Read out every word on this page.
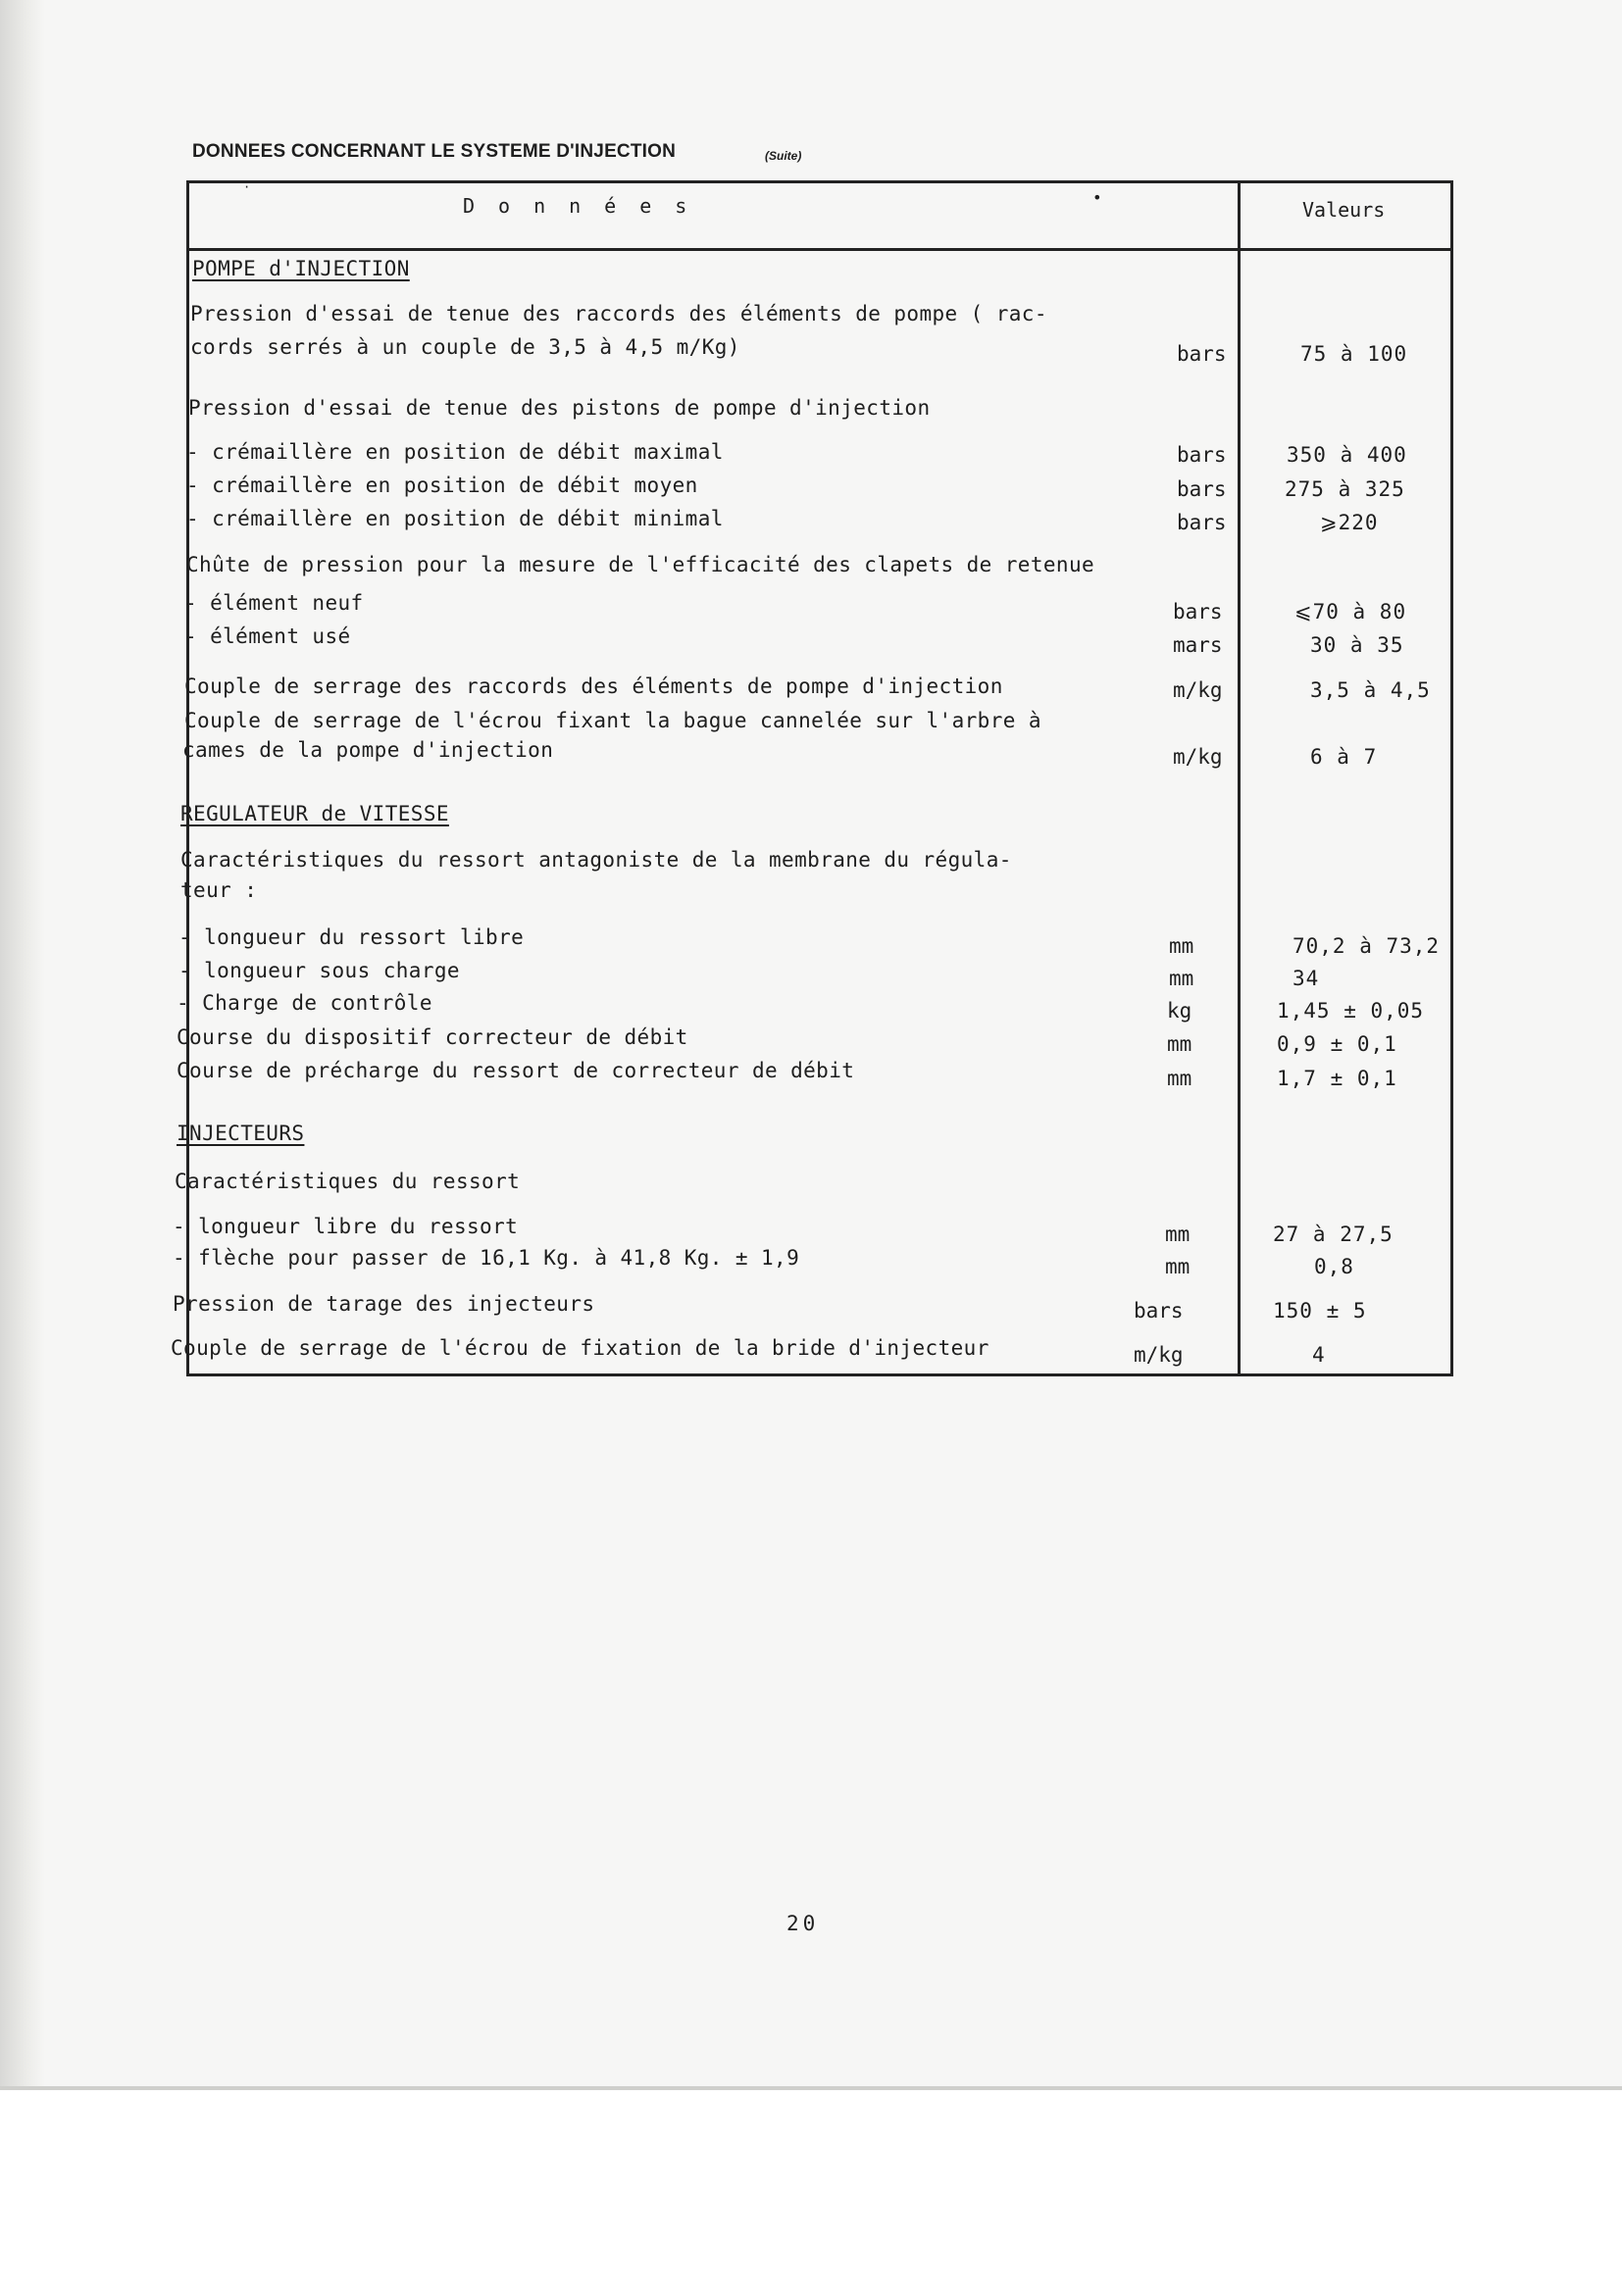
DONNEES CONCERNANT LE SYSTEME D'INJECTION	(Suite)
·
•
Données	Valeurs
POMPE d'INJECTION
Pression d'essai de tenue des raccords des éléments de pompe ( rac-
cords serrés à un couple de 3,5 à 4,5 m/Kg)	bars	75 à 100
Pression d'essai de tenue des pistons de pompe d'injection
- crémaillère en position de débit maximal	bars	350 à 400
- crémaillère en position de débit moyen	bars	275 à 325
- crémaillère en position de débit minimal	bars	⩾220
Chûte de pression pour la mesure de l'efficacité des clapets de retenue
- élément neuf	bars	⩽70 à 80
- élément usé	mars	30 à 35
Couple de serrage des raccords des éléments de pompe d'injection	m/kg	3,5 à 4,5
Couple de serrage de l'écrou fixant la bague cannelée sur l'arbre à
cames de la pompe d'injection	m/kg	6 à 7
REGULATEUR de VITESSE
Caractéristiques du ressort antagoniste de la membrane du régula-
teur :
- longueur du ressort libre	mm	70,2 à 73,2
- longueur sous charge	mm	34
- Charge de contrôle	kg	1,45 ± 0,05
Course du dispositif correcteur de débit	mm	0,9 ± 0,1
Course de précharge du ressort de correcteur de débit	mm	1,7 ± 0,1
INJECTEURS
Caractéristiques du ressort
- longueur libre du ressort	mm	27 à 27,5
- flèche pour passer de 16,1 Kg. à 41,8 Kg. ± 1,9	mm	0,8
Pression de tarage des injecteurs	bars	150 ± 5
Couple de serrage de l'écrou de fixation de la bride d'injecteur	m/kg	4
20
